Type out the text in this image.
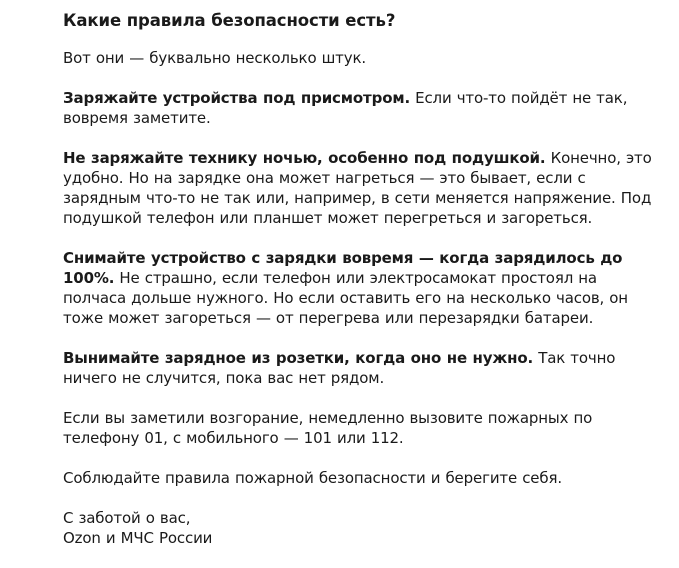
Какие правила безопасности есть?

Вот они — буквально несколько штук.

Заряжайте устройства под присмотром. Если что-то пойдёт не так, вовремя заметите.

Не заряжайте технику ночью, особенно под подушкой. Конечно, это удобно. Но на зарядке она может нагреться — это бывает, если с зарядным что-то не так или, например, в сети меняется напряжение. Под подушкой телефон или планшет может перегреться и загореться.

Снимайте устройство с зарядки вовремя — когда зарядилось до 100%. Не страшно, если телефон или электросамокат простоял на полчаса дольше нужного. Но если оставить его на несколько часов, он тоже может загореться — от перегрева или перезарядки батареи.

Вынимайте зарядное из розетки, когда оно не нужно. Так точно ничего не случится, пока вас нет рядом.

Если вы заметили возгорание, немедленно вызовите пожарных по телефону 01, с мобильного — 101 или 112.

Соблюдайте правила пожарной безопасности и берегите себя.

С заботой о вас,
Ozon и МЧС России
